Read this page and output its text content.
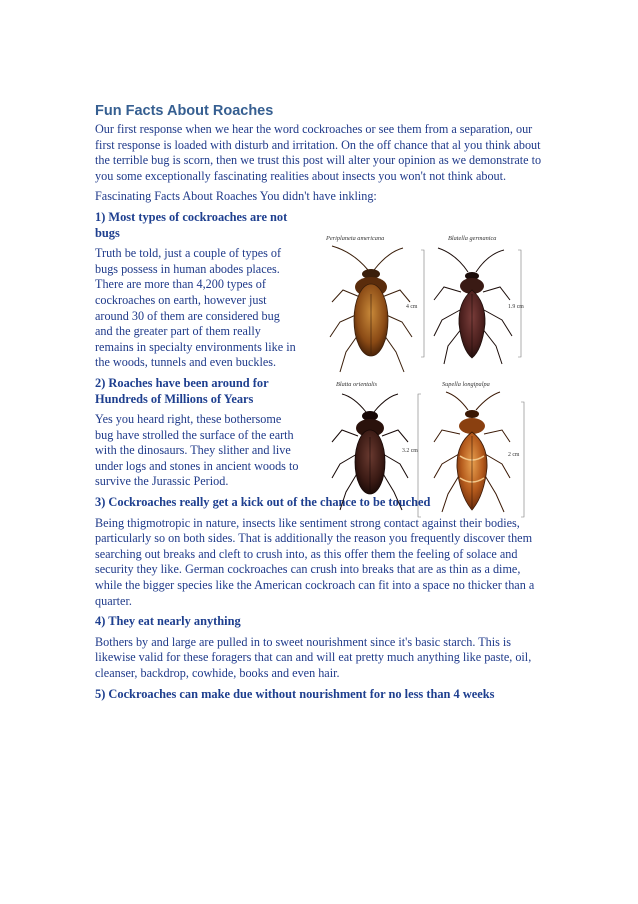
Fun Facts About Roaches

Our first response when we hear the word cockroaches or see them from a separation, our first response is loaded with disturb and irritation. On the off chance that al you think about the terrible bug is scorn, then we trust this post will alter your opinion as we demonstrate to you some exceptionally fascinating realities about insects you won't not think about.

Fascinating Facts About Roaches You didn't have inkling:

1) Most types of cockroaches are not bugs

Truth be told, just a couple of types of bugs possess in human abodes places. There are more than 4,200 types of cockroaches on earth, however just around 30 of them are considered bug and the greater part of them really remains in specialty environments like in the woods, tunnels and even buckles.

2) Roaches have been around for Hundreds of Millions of Years

Yes you heard right, these bothersome bug have strolled the surface of the earth with the dinosaurs. They slither and live under logs and stones in ancient woods to survive the Jurassic Period.

Periplaneta americana	Blatella germanica
Blatta orientalis	Supella longipalpa
4 cm	1.9 cm
3.2 cm
2 cm
3) Cockroaches really get a kick out of the chance to be touched

Being thigmotropic in nature, insects like sentiment strong contact against their bodies, particularly so on both sides. That is additionally the reason you frequently discover them searching out breaks and cleft to crush into, as this offer them the feeling of solace and security they like. German cockroaches can crush into breaks that are as thin as a dime, while the bigger species like the American cockroach can fit into a space no thicker than a quarter.

4) They eat nearly anything

Bothers by and large are pulled in to sweet nourishment since it's basic starch. This is likewise valid for these foragers that can and will eat pretty much anything like paste, oil, cleanser, backdrop, cowhide, books and even hair.

5) Cockroaches can make due without nourishment for no less than 4 weeks
